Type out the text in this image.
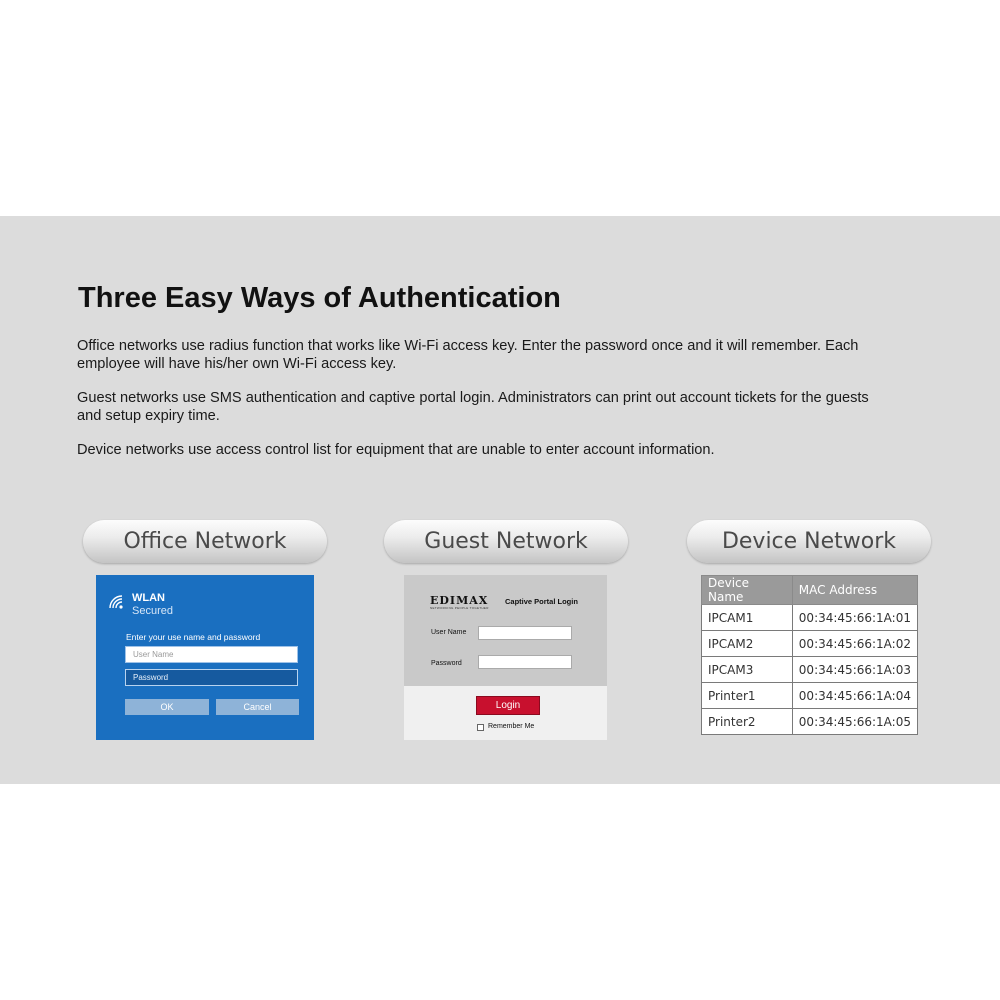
Three Easy Ways of Authentication

Office networks use radius function that works like Wi-Fi access key. Enter the password once and it will remember. Each employee will have his/her own Wi-Fi access key.

Guest networks use SMS authentication and captive portal login. Administrators can print out account tickets for the guests and setup expiry time.

Device networks use access control list for equipment that are unable to enter account information.

Office Network
WLAN
Secured
Enter your use name and password
User Name
Password
OK	Cancel
Guest Network
EDIMAX
NETWORKING PEOPLE TOGETHER
Captive Portal Login
User Name
Password
Login
Remember Me
Device Network
Device Name	MAC Address
IPCAM1	00:34:45:66:1A:01
IPCAM2	00:34:45:66:1A:02
IPCAM3	00:34:45:66:1A:03
Printer1	00:34:45:66:1A:04
Printer2	00:34:45:66:1A:05
